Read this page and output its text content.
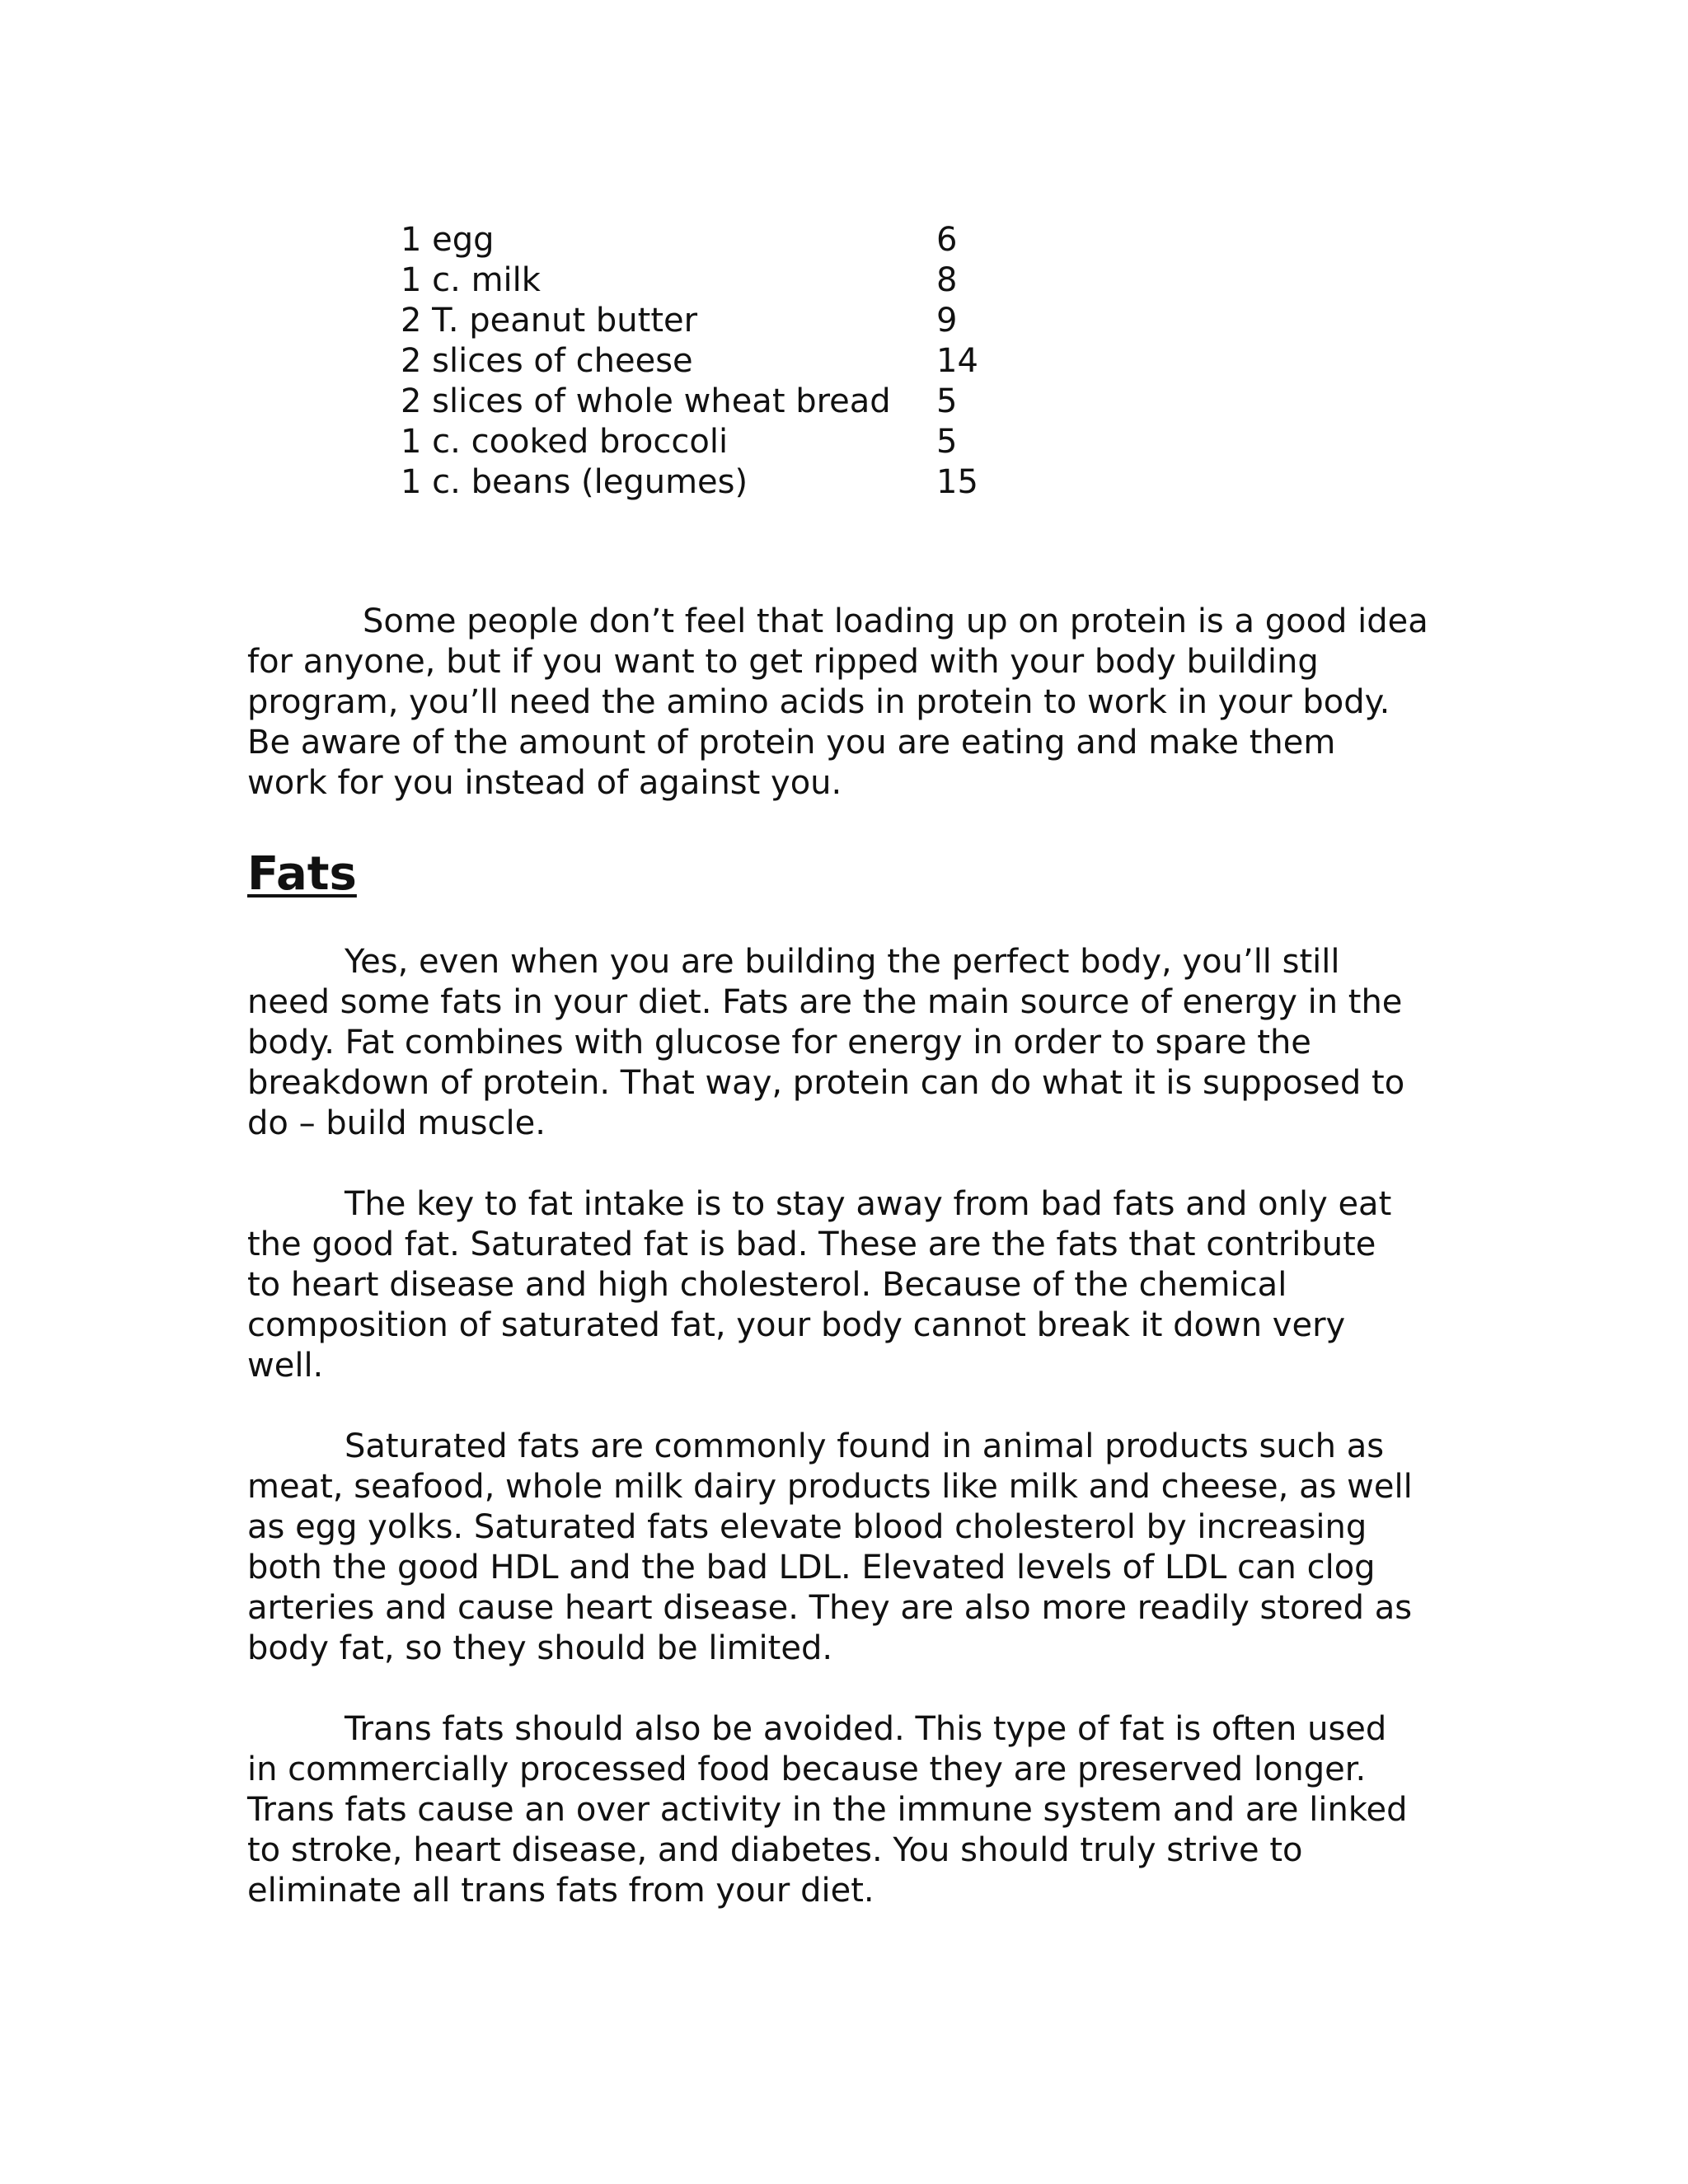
1 egg	6
1 c. milk	8
2 T. peanut butter	9
2 slices of cheese	14
2 slices of whole wheat bread	5
1 c. cooked broccoli	5
1 c. beans (legumes)	15

Some people don’t feel that loading up on protein is a good idea
for anyone, but if you want to get ripped with your body building
program, you’ll need the amino acids in protein to work in your body.
Be aware of the amount of protein you are eating and make them
work for you instead of against you.

Fats

Yes, even when you are building the perfect body, you’ll still
need some fats in your diet. Fats are the main source of energy in the
body. Fat combines with glucose for energy in order to spare the
breakdown of protein. That way, protein can do what it is supposed to
do – build muscle.

The key to fat intake is to stay away from bad fats and only eat
the good fat. Saturated fat is bad. These are the fats that contribute
to heart disease and high cholesterol. Because of the chemical
composition of saturated fat, your body cannot break it down very
well.

Saturated fats are commonly found in animal products such as
meat, seafood, whole milk dairy products like milk and cheese, as well
as egg yolks. Saturated fats elevate blood cholesterol by increasing
both the good HDL and the bad LDL. Elevated levels of LDL can clog
arteries and cause heart disease. They are also more readily stored as
body fat, so they should be limited.

Trans fats should also be avoided. This type of fat is often used
in commercially processed food because they are preserved longer.
Trans fats cause an over activity in the immune system and are linked
to stroke, heart disease, and diabetes. You should truly strive to
eliminate all trans fats from your diet.
